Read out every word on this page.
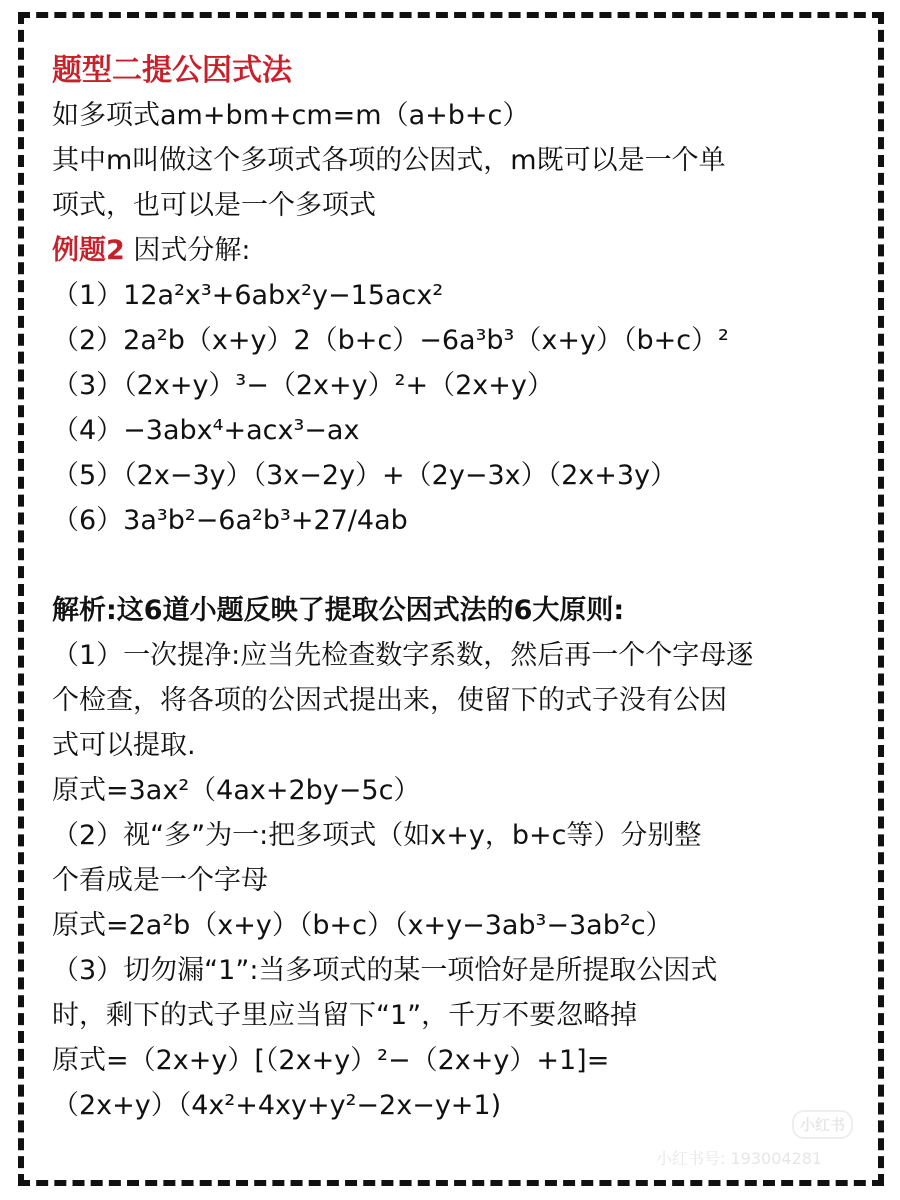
题型二提公因式法
如多项式am+bm+cm=m（a+b+c）
其中m叫做这个多项式各项的公因式，m既可以是一个单
项式，也可以是一个多项式
例题2 因式分解:
（1）12a²x³+6abx²y−15acx²
（2）2a²b（x+y）2（b+c）−6a³b³（x+y）（b+c）²
（3）（2x+y）³−（2x+y）²+（2x+y）
（4）−3abx⁴+acx³−ax
（5）（2x−3y）（3x−2y）+（2y−3x）（2x+3y）
（6）3a³b²−6a²b³+27/4ab
解析:这6道小题反映了提取公因式法的6大原则:
（1）一次提净:应当先检查数字系数，然后再一个个字母逐
个检查，将各项的公因式提出来，使留下的式子没有公因
式可以提取.
原式=3ax²（4ax+2by−5c）
（2）视“多”为一:把多项式（如x+y，b+c等）分别整
个看成是一个字母
原式=2a²b（x+y）（b+c）（x+y−3ab³−3ab²c）
（3）切勿漏“1”:当多项式的某一项恰好是所提取公因式
时，剩下的式子里应当留下“1”，千万不要忽略掉
原式=（2x+y）[（2x+y）²−（2x+y）+1]=
（2x+y）（4x²+4xy+y²−2x−y+1)
小红书
小红书号: 193004281
